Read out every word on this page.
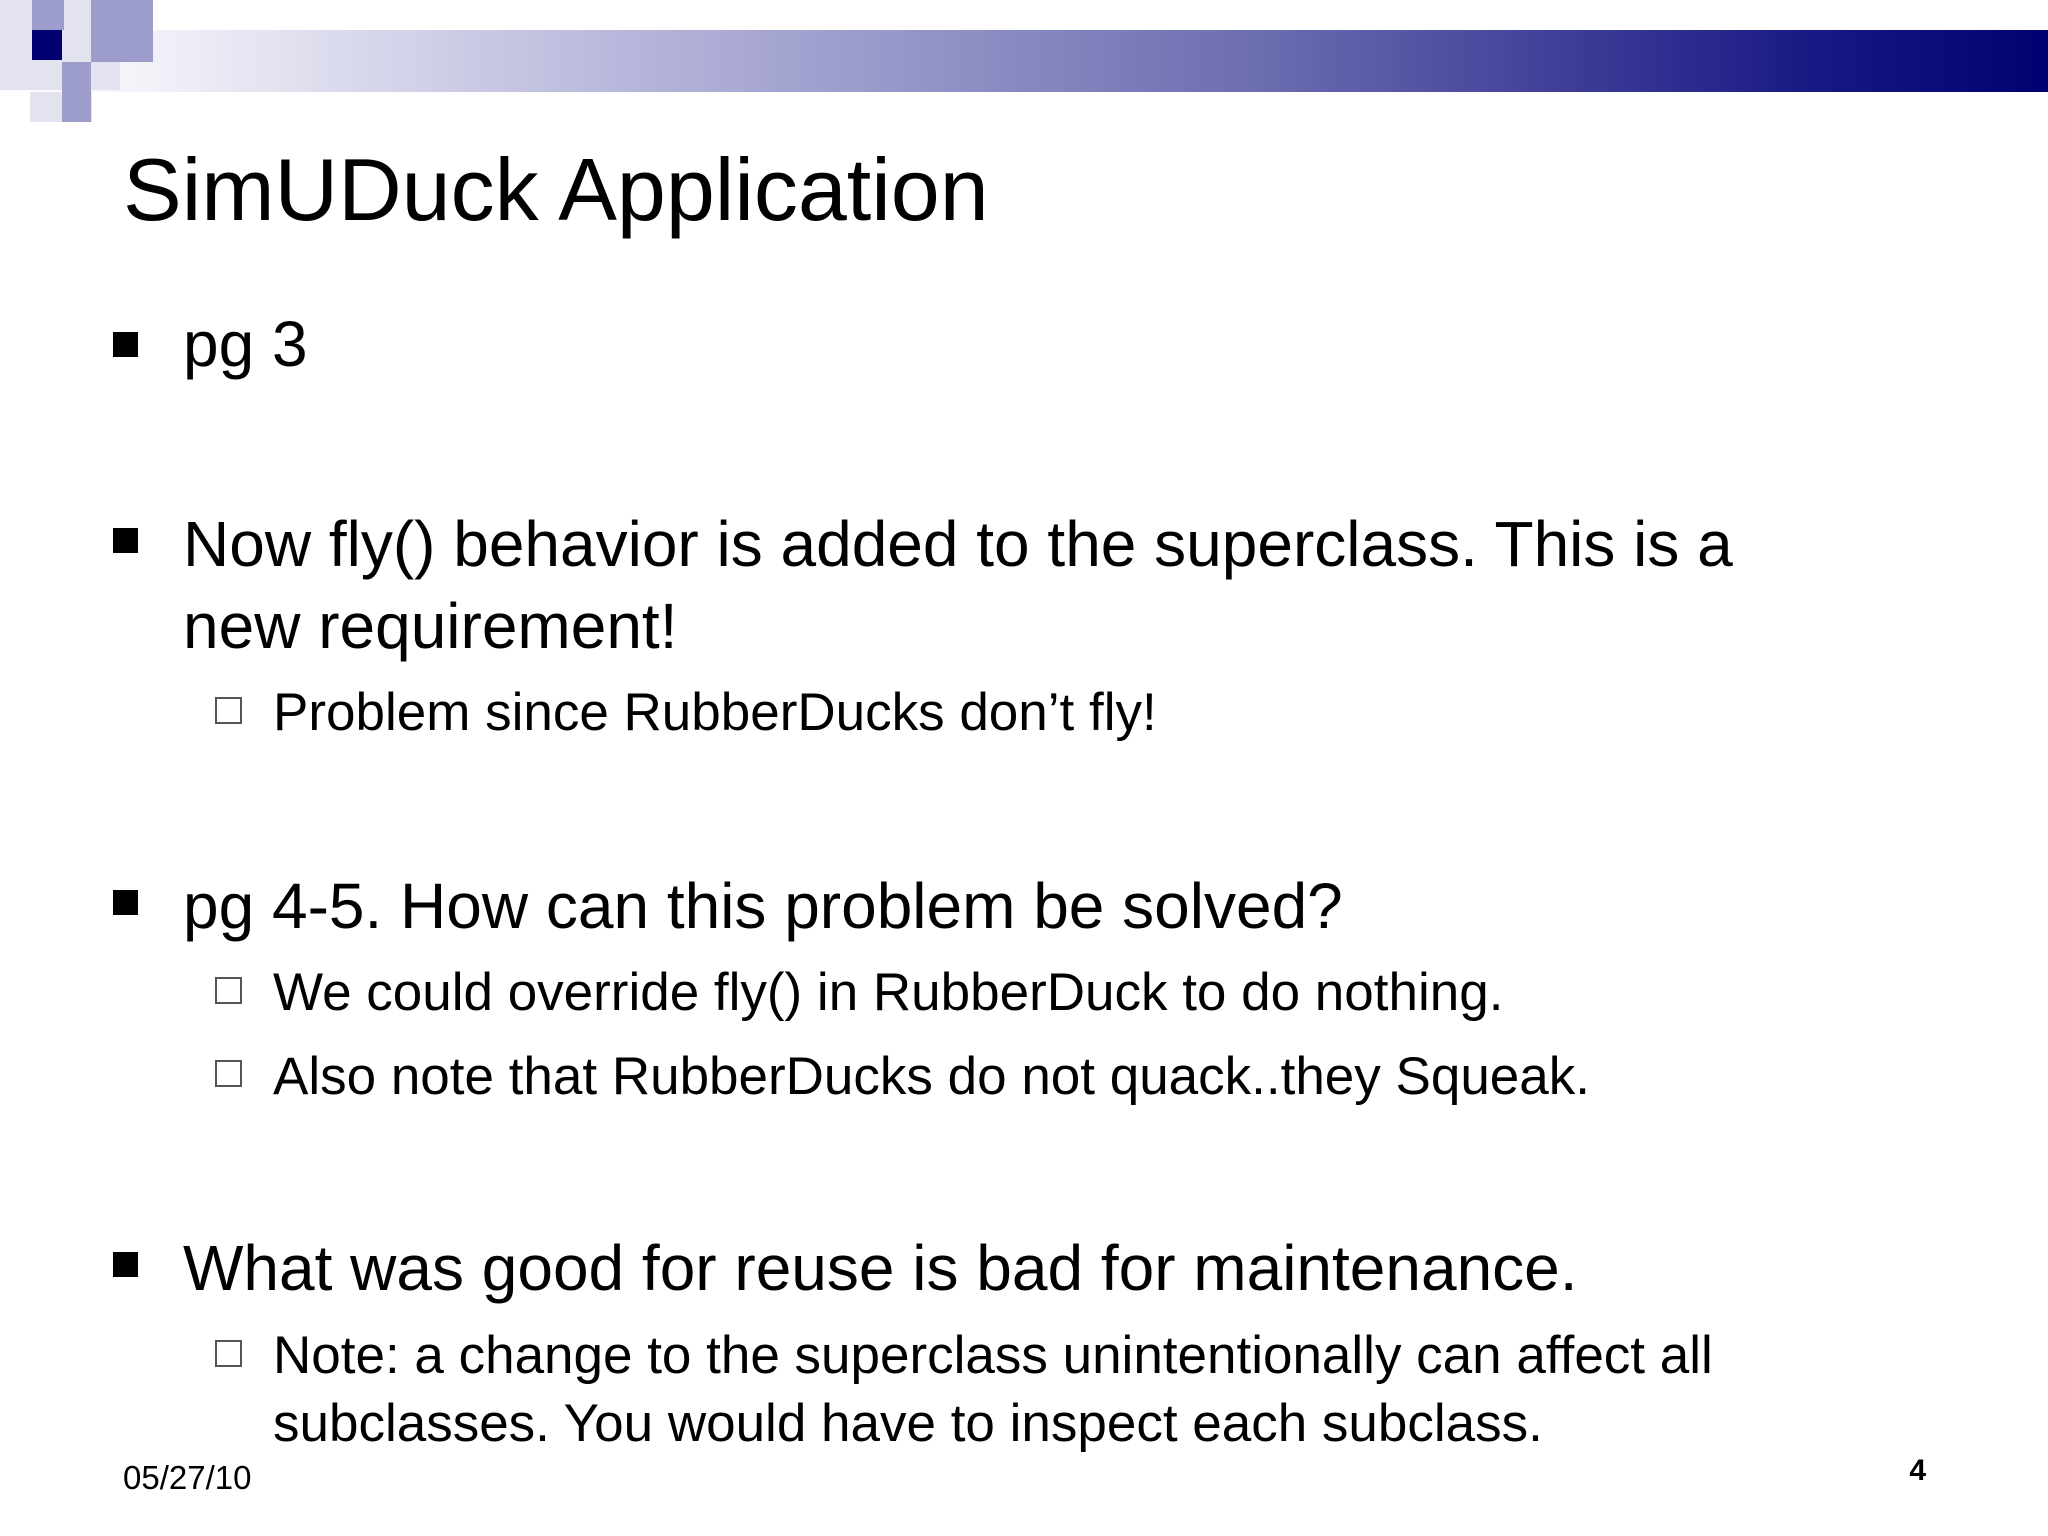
SimUDuck Application
pg 3
Now fly() behavior is added to the superclass. This is a
new requirement!
Problem since RubberDucks don’t fly!
pg 4-5. How can this problem be solved?
We could override fly() in RubberDuck to do nothing.
Also note that RubberDucks do not quack..they Squeak.
What was good for reuse is bad for maintenance.
Note: a change to the superclass unintentionally can affect all
subclasses. You would have to inspect each subclass.
05/27/10	4
